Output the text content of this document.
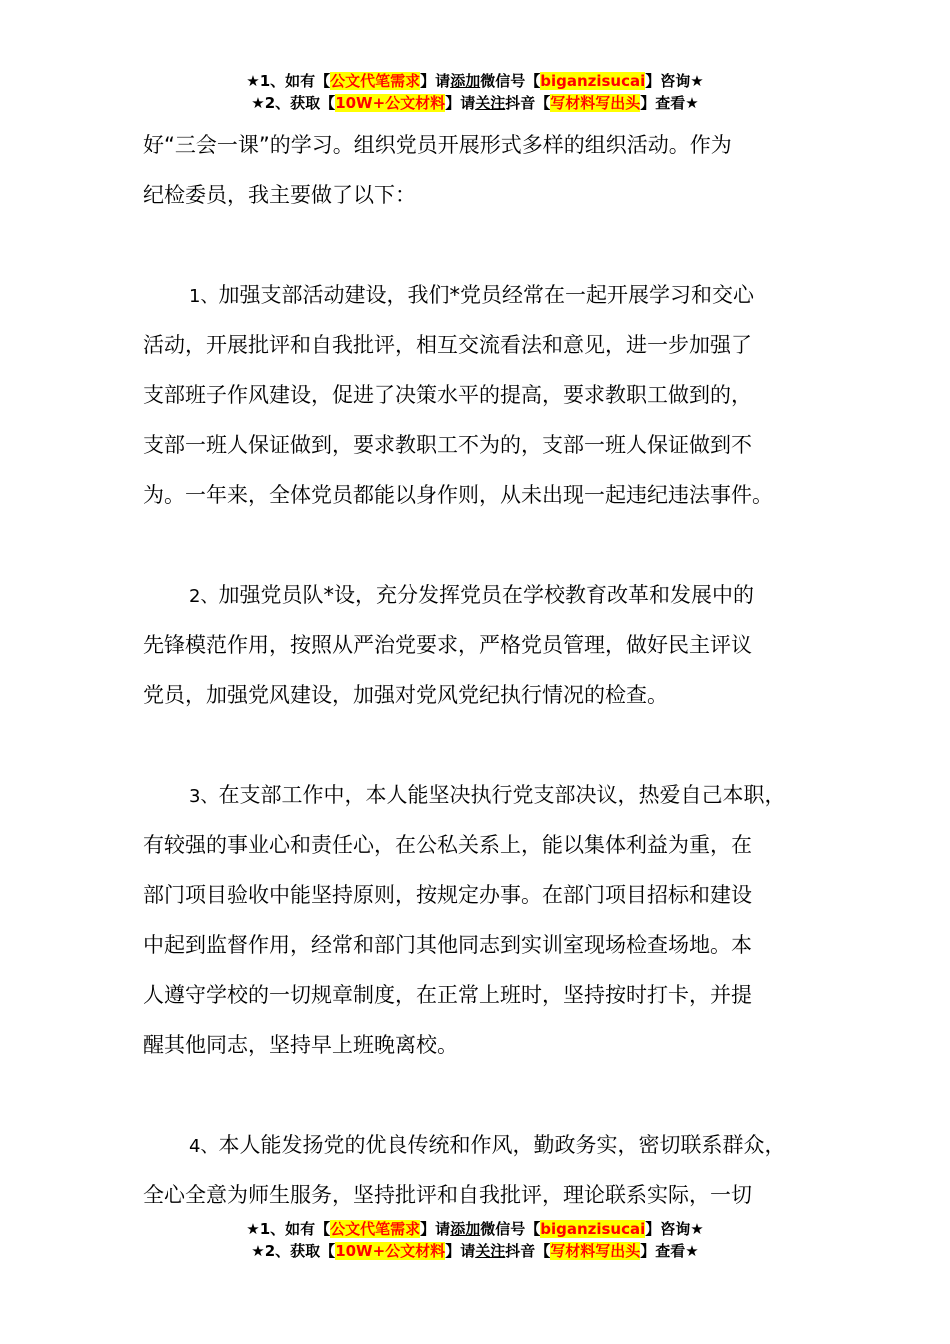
★1、如有【公文代笔需求】请添加微信号【biganzisucai】咨询★
★2、获取【10W+公文材料】请关注抖音【写材料写出头】查看★
好“三会一课”的学习。组织党员开展形式多样的组织活动。作为
纪检委员，我主要做了以下：
1、加强支部活动建设，我们*党员经常在一起开展学习和交心
活动，开展批评和自我批评，相互交流看法和意见，进一步加强了
支部班子作风建设，促进了决策水平的提高，要求教职工做到的，
支部一班人保证做到，要求教职工不为的，支部一班人保证做到不
为。一年来，全体党员都能以身作则，从未出现一起违纪违法事件。
2、加强党员队*设，充分发挥党员在学校教育改革和发展中的
先锋模范作用，按照从严治党要求，严格党员管理，做好民主评议
党员，加强党风建设，加强对党风党纪执行情况的检查。
3、在支部工作中，本人能坚决执行党支部决议，热爱自己本职，
有较强的事业心和责任心，在公私关系上，能以集体利益为重，在
部门项目验收中能坚持原则，按规定办事。在部门项目招标和建设
中起到监督作用，经常和部门其他同志到实训室现场检查场地。本
人遵守学校的一切规章制度，在正常上班时，坚持按时打卡，并提
醒其他同志，坚持早上班晚离校。
4、本人能发扬党的优良传统和作风，勤政务实，密切联系群众，
全心全意为师生服务，坚持批评和自我批评，理论联系实际，一切
★1、如有【公文代笔需求】请添加微信号【biganzisucai】咨询★
★2、获取【10W+公文材料】请关注抖音【写材料写出头】查看★
